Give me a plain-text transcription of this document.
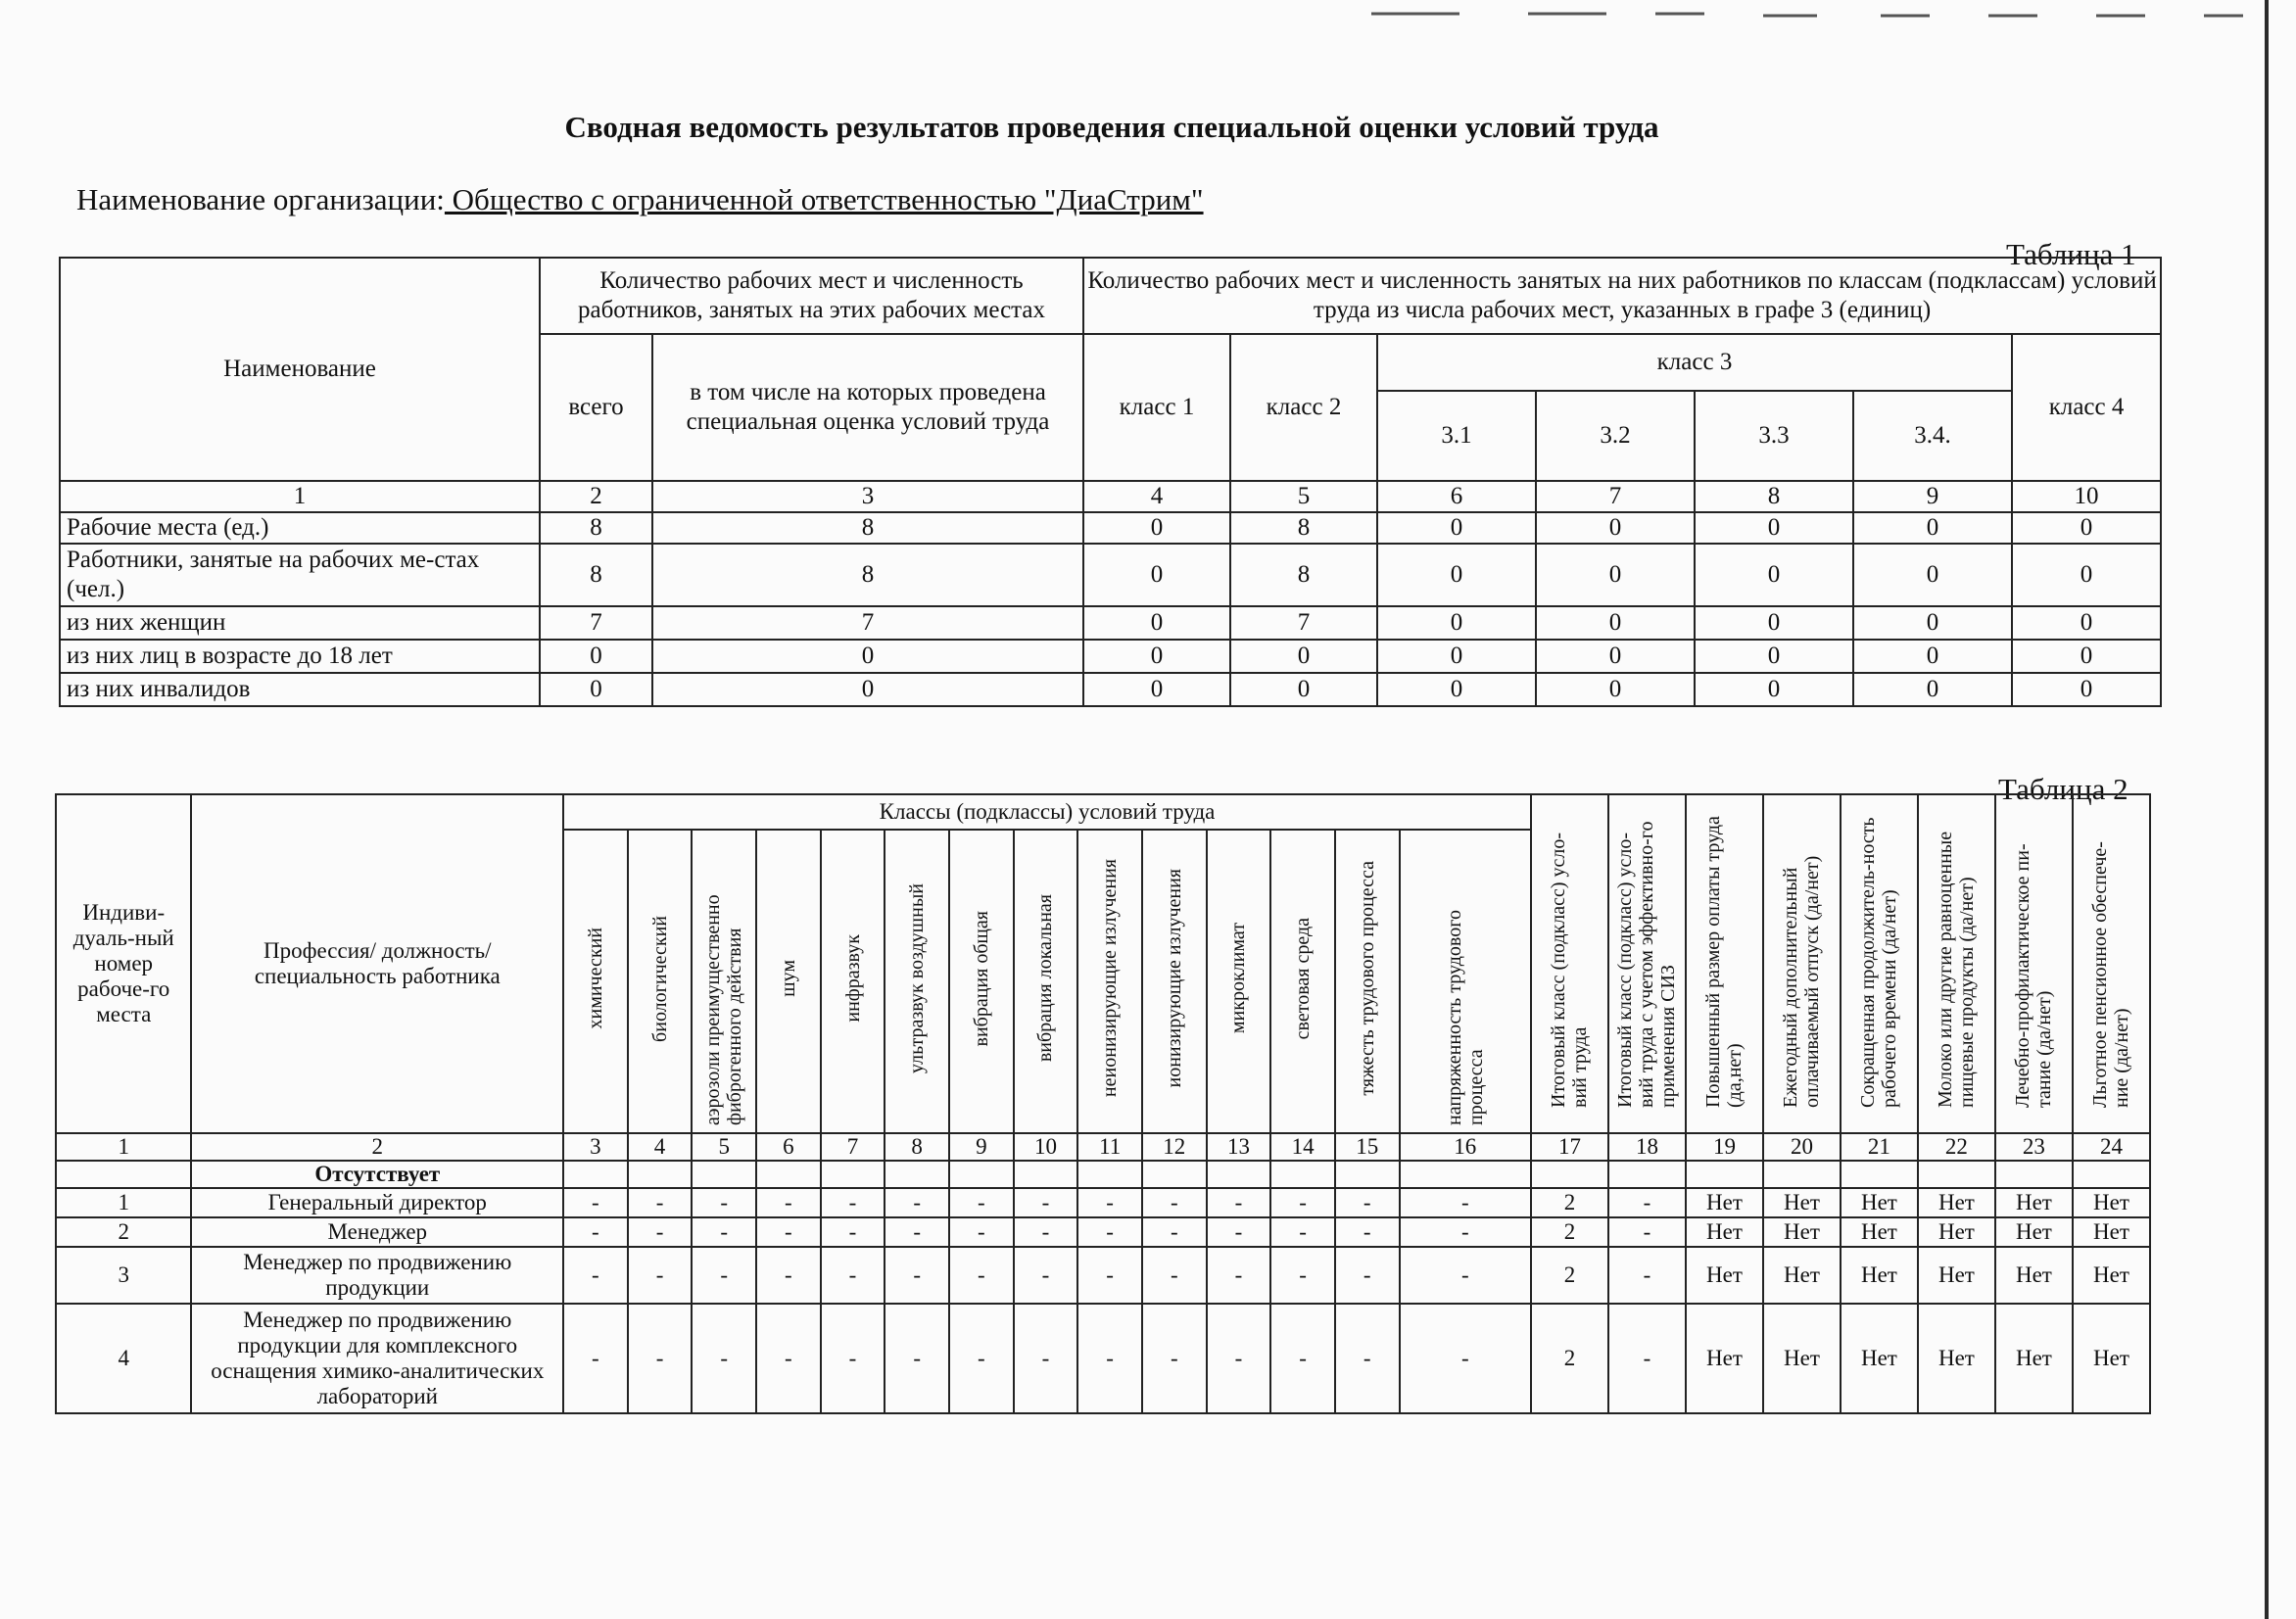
Сводная ведомость результатов проведения специальной оценки условий труда
Наименование организации: Общество с ограниченной ответственностью "ДиаСтрим"
Таблица 1
Наименование	Количество рабочих мест и численность работников, занятых на этих рабочих местах		Количество рабочих мест и численность занятых на них работников по классам (подклассам) условий труда из числа рабочих мест, указанных в графе 3 (единиц)						
	всего	в том числе на которых проведена специальная оценка условий труда	класс 1	класс 2	класс 3				класс 4
					3.1	3.2	3.3	3.4.	
1	2	3	4	5	6	7	8	9	10
Рабочие места (ед.)	8	8	0	8	0	0	0	0	0
Работники, занятые на рабочих ме-стах (чел.)	8	8	0	8	0	0	0	0	0
из них женщин	7	7	0	7	0	0	0	0	0
из них лиц в возрасте до 18 лет	0	0	0	0	0	0	0	0	0
из них инвалидов	0	0	0	0	0	0	0	0	0
Таблица 2
Индиви-дуаль-ный номер рабоче-го места	Профессия/ должность/ специальность работника	Классы (подклассы) условий труда														Итоговый класс (подкласс) усло-вий труда	Итоговый класс (подкласс) усло-вий труда с учетом эффективно-го применения СИЗ	Повышенный размер оплаты труда (да,нет)	Ежегодный дополнительный оплачиваемый отпуск (да/нет)	Сокращенная продолжитель-ность рабочего времени (да/нет)	Молоко или другие равноценные пищевые продукты (да/нет)	Лечебно-профилактическое пи-тание (да/нет)	Льготное пенсионное обеспече-ние (да/нет)
		химический	биологический	аэрозоли преимущественно фиброгенного действия	шум	инфразвук	ультразвук воздушный	вибрация общая	вибрация локальная	неионизирующие излучения	ионизирующие излучения	микроклимат	световая среда	тяжесть трудового процесса	напряженность трудового процесса								
1	2	3	4	5	6	7	8	9	10	11	12	13	14	15	16	17	18	19	20	21	22	23	24
	Отсутствует																						
1	Генеральный директор	-	-	-	-	-	-	-	-	-	-	-	-	-	-	2	-	Нет	Нет	Нет	Нет	Нет	Нет
2	Менеджер	-	-	-	-	-	-	-	-	-	-	-	-	-	-	2	-	Нет	Нет	Нет	Нет	Нет	Нет
3	Менеджер по продвижению продукции	-	-	-	-	-	-	-	-	-	-	-	-	-	-	2	-	Нет	Нет	Нет	Нет	Нет	Нет
4	Менеджер по продвижению продукции для комплексного оснащения химико-аналитических лабораторий	-	-	-	-	-	-	-	-	-	-	-	-	-	-	2	-	Нет	Нет	Нет	Нет	Нет	Нет
